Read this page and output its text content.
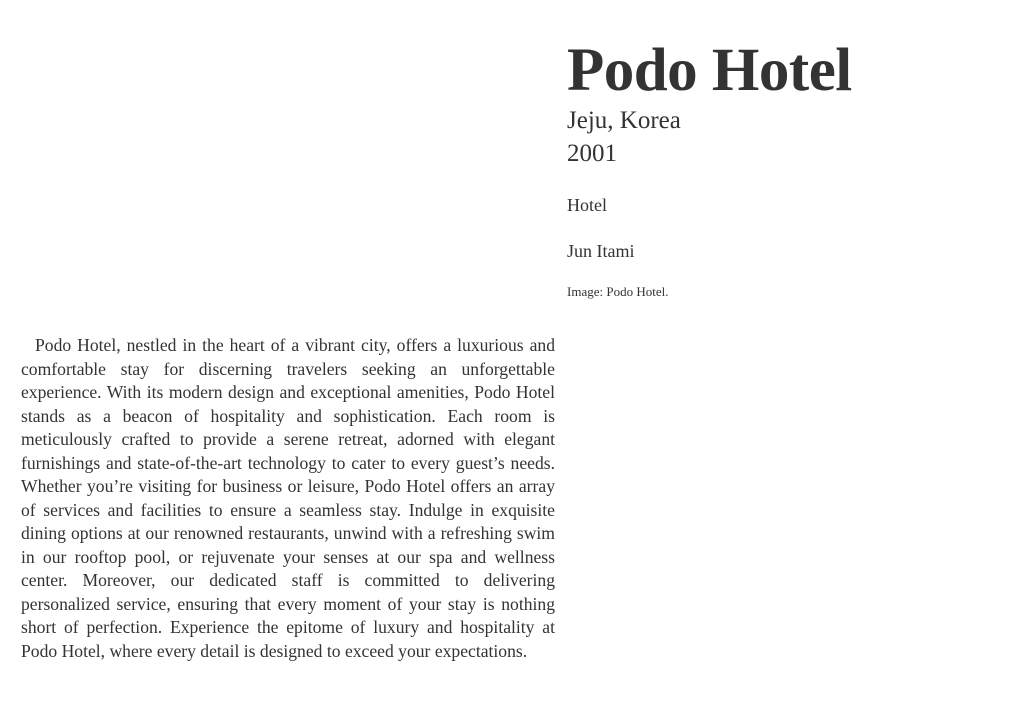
Podo Hotel
Jeju, Korea
2001
Hotel
Jun Itami
Image: Podo Hotel.

Podo Hotel, nestled in the heart of a vibrant city, offers a luxurious and comfortable stay for discerning travelers seeking an unforgettable experience. With its modern design and exceptional amenities, Podo Hotel stands as a beacon of hospitality and sophistication. Each room is meticulously crafted to provide a serene retreat, adorned with elegant furnishings and state-of-the-art technology to cater to every guest’s needs. Whether you’re visiting for business or leisure, Podo Hotel offers an array of services and facilities to ensure a seamless stay. Indulge in exquisite dining options at our renowned restaurants, unwind with a refreshing swim in our rooftop pool, or rejuvenate your senses at our spa and wellness center. Moreover, our dedicated staff is committed to delivering personalized service, ensuring that every moment of your stay is nothing short of perfection. Experience the epitome of luxury and hospitality at Podo Hotel, where every detail is designed to exceed your expectations.
